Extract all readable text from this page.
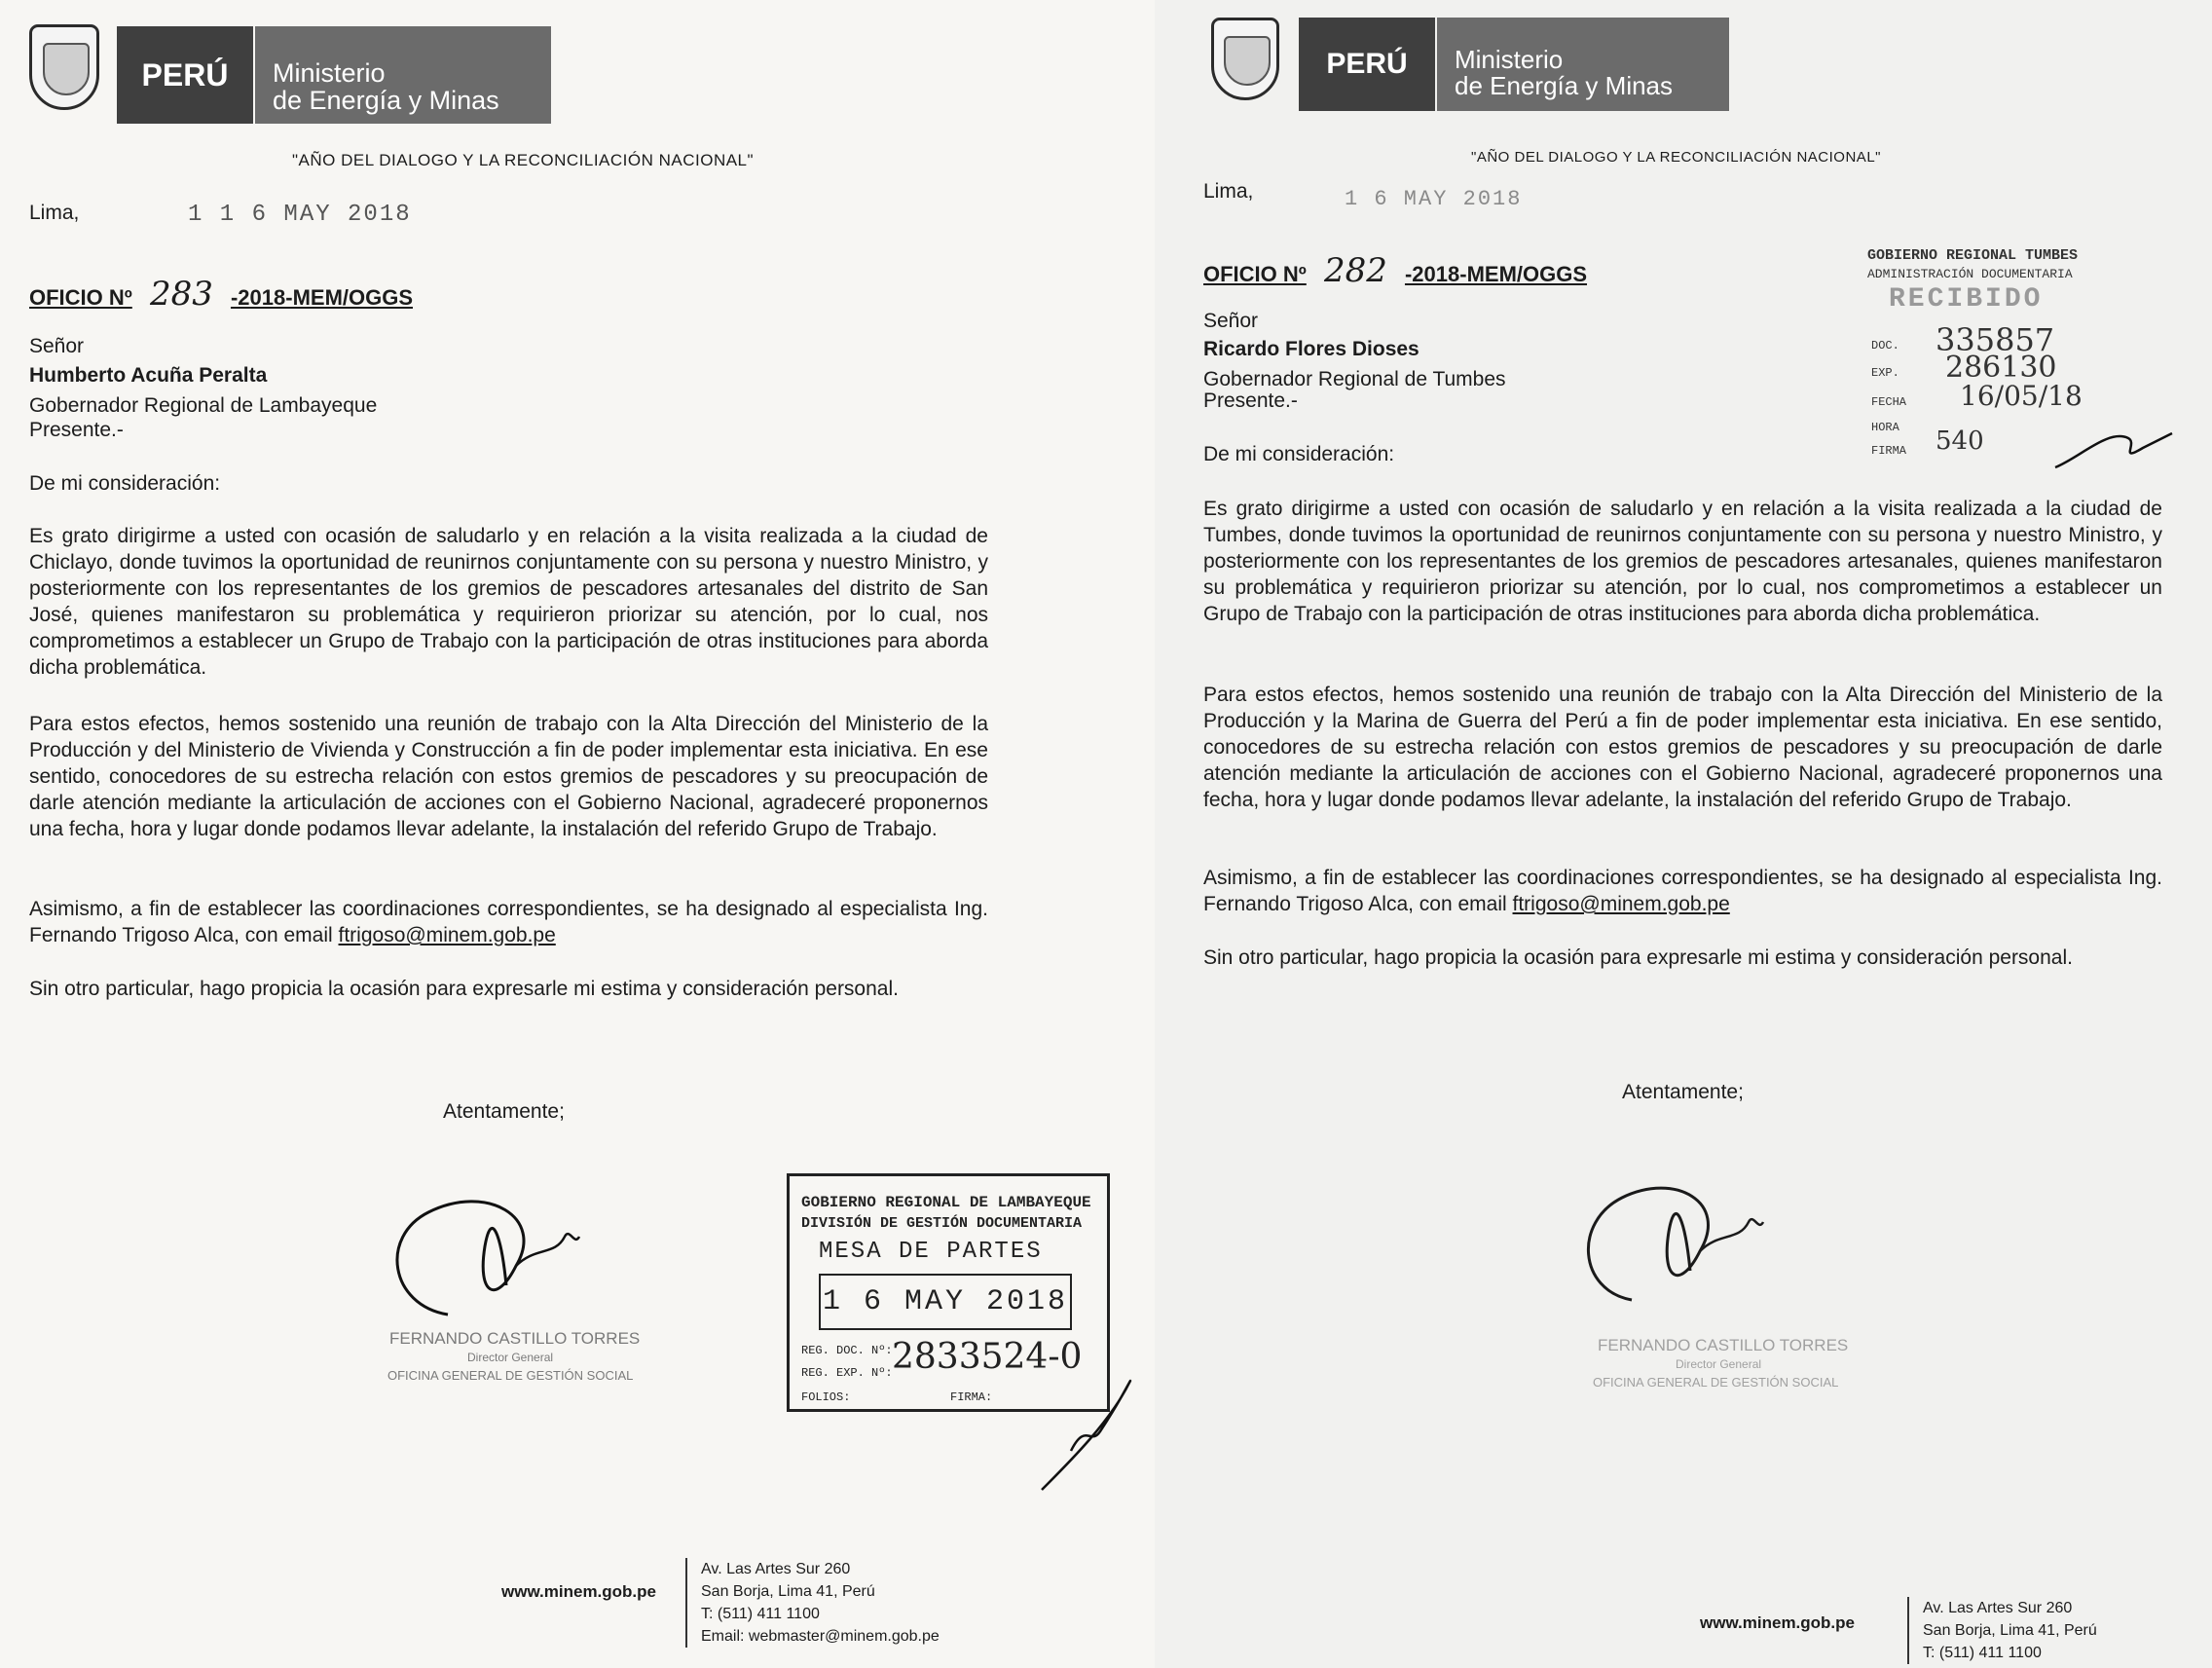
PERÚ	Ministerio
de Energía y Minas
"AÑO DEL DIALOGO Y LA RECONCILIACIÓN NACIONAL"
Lima,	1 1 6 MAY 2018
OFICIO Nº 283 -2018-MEM/OGGS
Señor
Humberto Acuña Peralta
Gobernador Regional de Lambayeque
Presente.-
De mi consideración:
Es grato dirigirme a usted con ocasión de saludarlo y en relación a la visita realizada a la ciudad de Chiclayo, donde tuvimos la oportunidad de reunirnos conjuntamente con su persona y nuestro Ministro, y posteriormente con los representantes de los gremios de pescadores artesanales del distrito de San José, quienes manifestaron su problemática y requirieron priorizar su atención, por lo cual, nos comprometimos a establecer un Grupo de Trabajo con la participación de otras instituciones para aborda dicha problemática.
Para estos efectos, hemos sostenido una reunión de trabajo con la Alta Dirección del Ministerio de la Producción y del Ministerio de Vivienda y Construcción a fin de poder implementar esta iniciativa. En ese sentido, conocedores de su estrecha relación con estos gremios de pescadores y su preocupación de darle atención mediante la articulación de acciones con el Gobierno Nacional, agradeceré proponernos una fecha, hora y lugar donde podamos llevar adelante, la instalación del referido Grupo de Trabajo.
Asimismo, a fin de establecer las coordinaciones correspondientes, se ha designado al especialista Ing. Fernando Trigoso Alca, con email ftrigoso@minem.gob.pe
Sin otro particular, hago propicia la ocasión para expresarle mi estima y consideración personal.
Atentamente;
FERNANDO CASTILLO TORRES
Director General
OFICINA GENERAL DE GESTIÓN SOCIAL
GOBIERNO REGIONAL DE LAMBAYEQUE
DIVISIÓN DE GESTIÓN DOCUMENTARIA
MESA DE PARTES
1 6 MAY 2018
REG. DOC. Nº:
REG. EXP. Nº: 2833524-0
FOLIOS:	FIRMA:
www.minem.gob.pe
Av. Las Artes Sur 260
San Borja, Lima 41, Perú
T: (511) 411 1100
Email: webmaster@minem.gob.pe
PERÚ	Ministerio
de Energía y Minas
"AÑO DEL DIALOGO Y LA RECONCILIACIÓN NACIONAL"
Lima,	1 6 MAY 2018
OFICIO Nº 282 -2018-MEM/OGGS
Señor
Ricardo Flores Dioses
Gobernador Regional de Tumbes
Presente.-
De mi consideración:
Es grato dirigirme a usted con ocasión de saludarlo y en relación a la visita realizada a la ciudad de Tumbes, donde tuvimos la oportunidad de reunirnos conjuntamente con su persona y nuestro Ministro, y posteriormente con los representantes de los gremios de pescadores artesanales, quienes manifestaron su problemática y requirieron priorizar su atención, por lo cual, nos comprometimos a establecer un Grupo de Trabajo con la participación de otras instituciones para aborda dicha problemática.
Para estos efectos, hemos sostenido una reunión de trabajo con la Alta Dirección del Ministerio de la Producción y la Marina de Guerra del Perú a fin de poder implementar esta iniciativa. En ese sentido, conocedores de su estrecha relación con estos gremios de pescadores y su preocupación de darle atención mediante la articulación de acciones con el Gobierno Nacional, agradeceré proponernos una fecha, hora y lugar donde podamos llevar adelante, la instalación del referido Grupo de Trabajo.
Asimismo, a fin de establecer las coordinaciones correspondientes, se ha designado al especialista Ing. Fernando Trigoso Alca, con email ftrigoso@minem.gob.pe
Sin otro particular, hago propicia la ocasión para expresarle mi estima y consideración personal.
Atentamente;
FERNANDO CASTILLO TORRES
Director General
OFICINA GENERAL DE GESTIÓN SOCIAL
GOBIERNO REGIONAL TUMBES
ADMINISTRACIÓN DOCUMENTARIA
RECIBIDO
DOC. 335857
EXP. 286130
FECHA 16/05/18
HORA
FIRMA 540
www.minem.gob.pe
Av. Las Artes Sur 260
San Borja, Lima 41, Perú
T: (511) 411 1100
